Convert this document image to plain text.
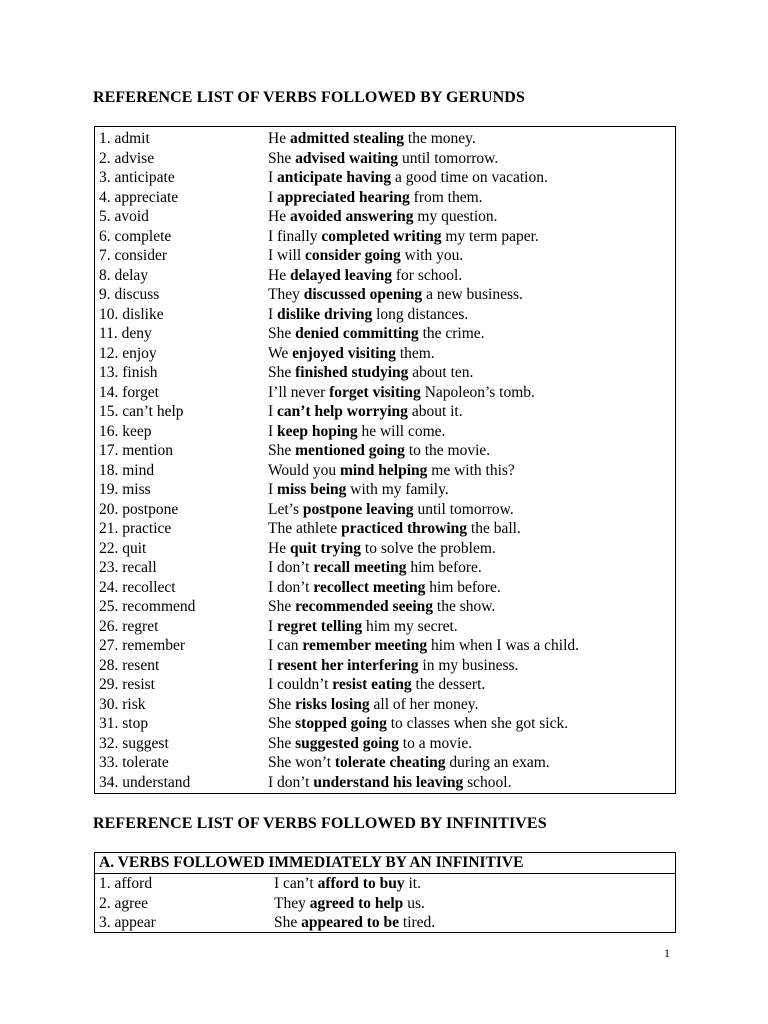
REFERENCE LIST OF VERBS FOLLOWED BY GERUNDS
1. admit	He admitted stealing the money.
2. advise	She advised waiting until tomorrow.
3. anticipate	I anticipate having a good time on vacation.
4. appreciate	I appreciated hearing from them.
5. avoid	He avoided answering my question.
6. complete	I finally completed writing my term paper.
7. consider	I will consider going with you.
8. delay	He delayed leaving for school.
9. discuss	They discussed opening a new business.
10. dislike	I dislike driving long distances.
11. deny	She denied committing the crime.
12. enjoy	We enjoyed visiting them.
13. finish	She finished studying about ten.
14. forget	I’ll never forget visiting Napoleon’s tomb.
15. can’t help	I can’t help worrying about it.
16. keep	I keep hoping he will come.
17. mention	She mentioned going to the movie.
18. mind	Would you mind helping me with this?
19. miss	I miss being with my family.
20. postpone	Let’s postpone leaving until tomorrow.
21. practice	The athlete practiced throwing the ball.
22. quit	He quit trying to solve the problem.
23. recall	I don’t recall meeting him before.
24. recollect	I don’t recollect meeting him before.
25. recommend	She recommended seeing the show.
26. regret	I regret telling him my secret.
27. remember	I can remember meeting him when I was a child.
28. resent	I resent her interfering in my business.
29. resist	I couldn’t resist eating the dessert.
30. risk	She risks losing all of her money.
31. stop	She stopped going to classes when she got sick.
32. suggest	She suggested going to a movie.
33. tolerate	She won’t tolerate cheating during an exam.
34. understand	I don’t understand his leaving school.
REFERENCE LIST OF VERBS FOLLOWED BY INFINITIVES
A. VERBS FOLLOWED IMMEDIATELY BY AN INFINITIVE
1. afford	I can’t afford to buy it.
2. agree	They agreed to help us.
3. appear	She appeared to be tired.
1
